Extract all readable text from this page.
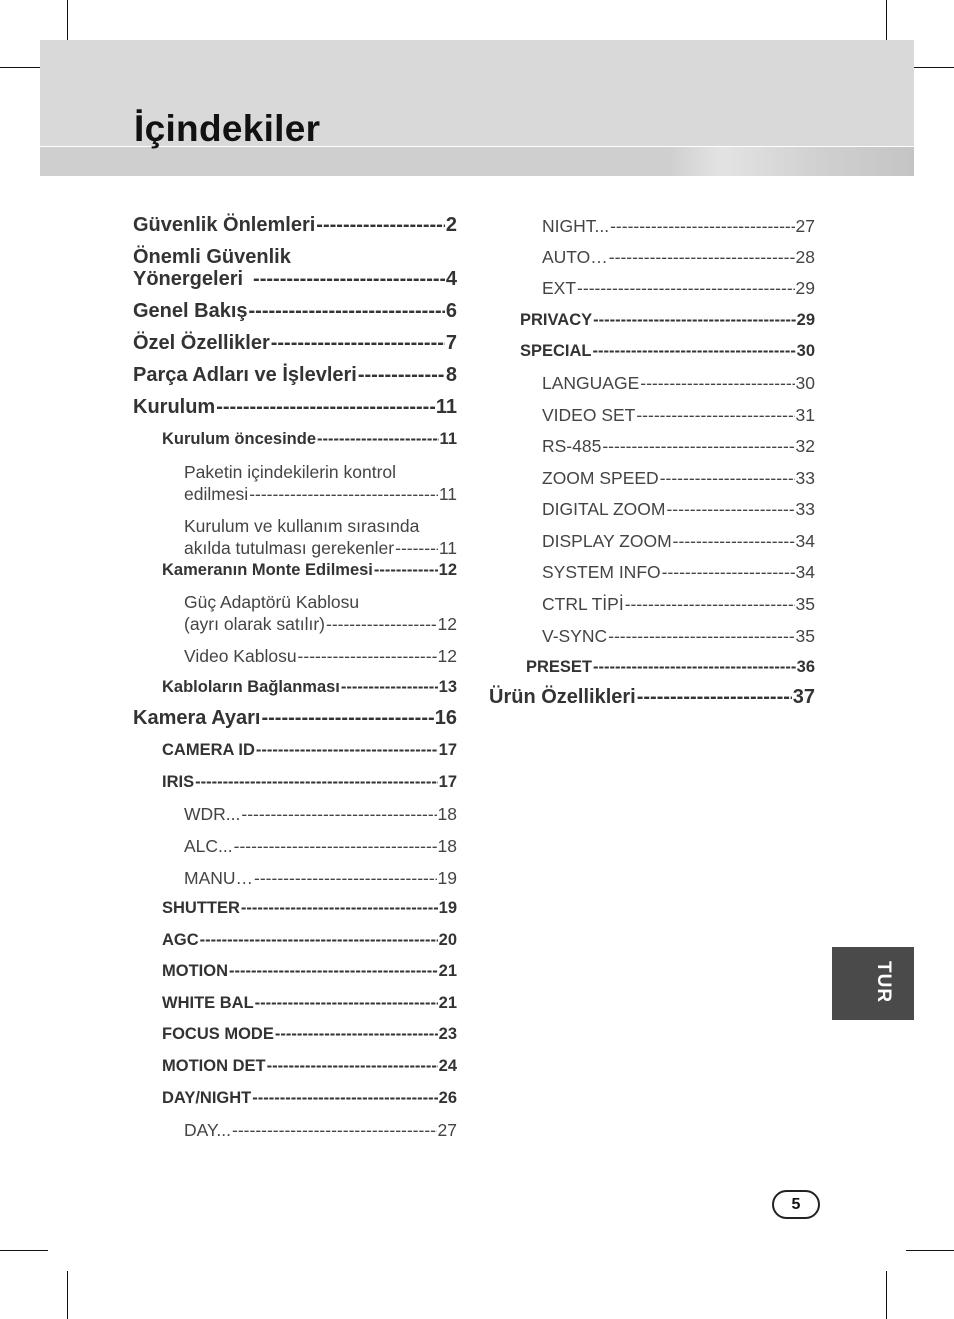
İçindekiler
Güvenlik Önlemleri -----	2
Önemli Güvenlik
Yönergeleri -----	4
Genel Bakış -----	6
Özel Özellikler -----	7
Parça Adları ve İşlevleri -----	8
Kurulum -----	11
Kurulum öncesinde -----	11
Paketin içindekilerin kontrol
edilmesi -----	11
Kurulum ve kullanım sırasında
akılda tutulması gerekenler -----	11
Kameranın Monte Edilmesi -----	12
Güç Adaptörü Kablosu
(ayrı olarak satılır) -----	12
Video Kablosu -----	12
Kabloların Bağlanması -----	13
Kamera Ayarı -----	16
CAMERA ID -----	17
IRIS -----	17
WDR... -----	18
ALC... -----	18
MANU… -----	19
SHUTTER -----	19
AGC -----	20
MOTION -----	21
WHITE BAL -----	21
FOCUS MODE -----	23
MOTION DET -----	24
DAY/NIGHT -----	26
DAY... -----	27
NIGHT... -----	27
AUTO… -----	28
EXT -----	29
PRIVACY -----	29
SPECIAL -----	30
LANGUAGE -----	30
VIDEO SET -----	31
RS-485 -----	32
ZOOM SPEED -----	33
DIGITAL ZOOM -----	33
DISPLAY ZOOM -----	34
SYSTEM INFO -----	34
CTRL TİPİ -----	35
V-SYNC -----	35
PRESET -----	36
Ürün Özellikleri -----	37
TUR
5
